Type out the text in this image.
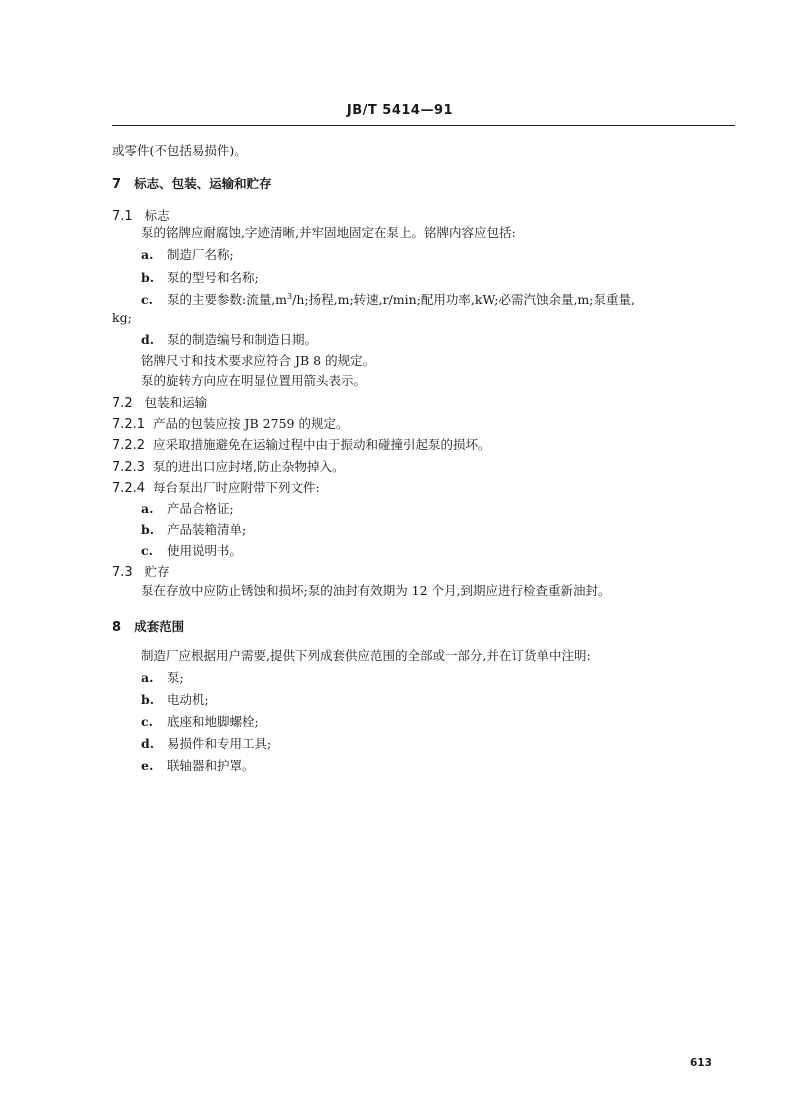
JB/T 5414—91
或零件(不包括易损件)。
7 标志、包装、运输和贮存
7.1 标志
泵的铭牌应耐腐蚀,字迹清晰,并牢固地固定在泵上。铭牌内容应包括:
a. 制造厂名称;
b. 泵的型号和名称;
c. 泵的主要参数:流量$,m^3/h$;扬程,m;转速,r/min;配用功率,kW;必需汽蚀余量,m;泵重量,
kg;
d. 泵的制造编号和制造日期。
铭牌尺寸和技术要求应符合 JB 8 的规定。
泵的旋转方向应在明显位置用箭头表示。
7.2 包装和运输
7.2.1 产品的包装应按 JB 2759 的规定。
7.2.2 应采取措施避免在运输过程中由于振动和碰撞引起泵的损坏。
7.2.3 泵的进出口应封堵,防止杂物掉入。
7.2.4 每台泵出厂时应附带下列文件:
a. 产品合格证;
b. 产品装箱清单;
c. 使用说明书。
7.3 贮存
泵在存放中应防止锈蚀和损坏;泵的油封有效期为 12 个月,到期应进行检查重新油封。
8 成套范围
制造厂应根据用户需要,提供下列成套供应范围的全部或一部分,并在订货单中注明:
a. 泵;
b. 电动机;
c. 底座和地脚螺栓;
d. 易损件和专用工具;
e. 联轴器和护罩。
613
